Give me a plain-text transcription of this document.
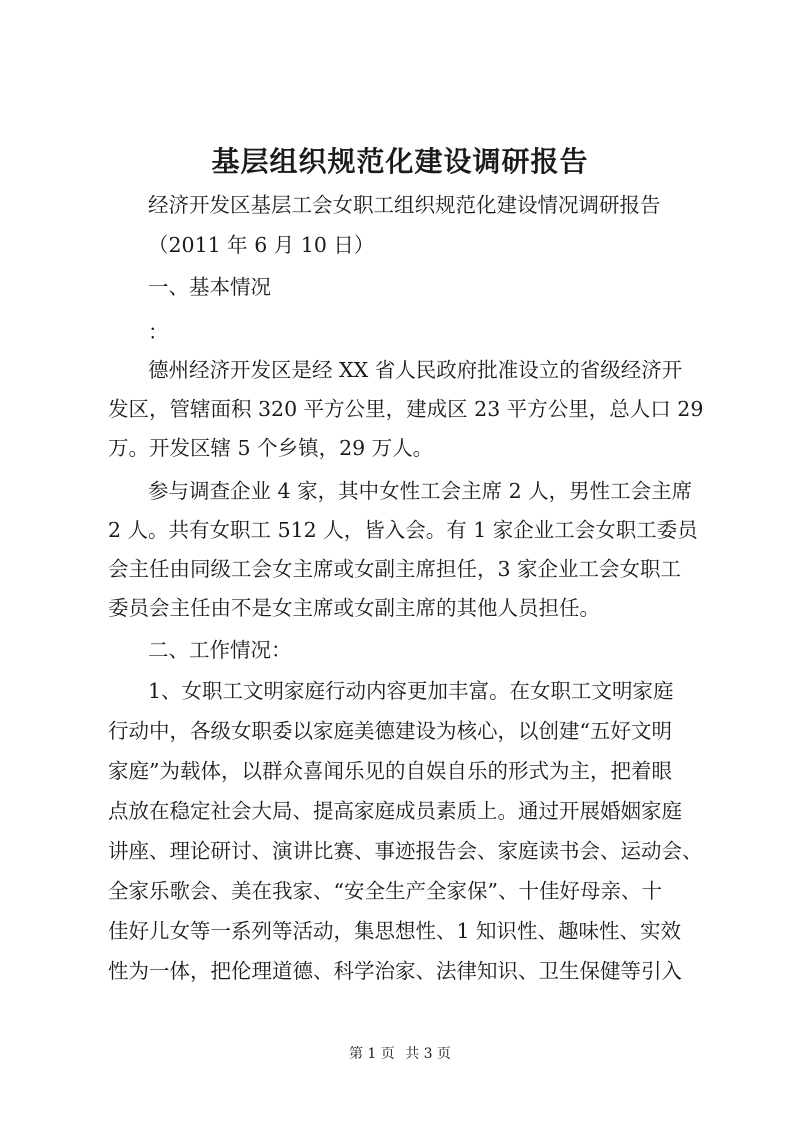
基层组织规范化建设调研报告
经济开发区基层工会女职工组织规范化建设情况调研报告
（2011 年 6 月 10 日）
一、基本情况
：
德州经济开发区是经 XX 省人民政府批准设立的省级经济开
发区，管辖面积 320 平方公里，建成区 23 平方公里，总人口 29
万。开发区辖 5 个乡镇，29 万人。
参与调查企业 4 家，其中女性工会主席 2 人，男性工会主席
2 人。共有女职工 512 人，皆入会。有 1 家企业工会女职工委员
会主任由同级工会女主席或女副主席担任，3 家企业工会女职工
委员会主任由不是女主席或女副主席的其他人员担任。
二、工作情况：
1、女职工文明家庭行动内容更加丰富。在女职工文明家庭
行动中，各级女职委以家庭美德建设为核心，以创建“五好文明
家庭”为载体，以群众喜闻乐见的自娱自乐的形式为主，把着眼
点放在稳定社会大局、提高家庭成员素质上。通过开展婚姻家庭
讲座、理论研讨、演讲比赛、事迹报告会、家庭读书会、运动会、
全家乐歌会、美在我家、“安全生产全家保”、十佳好母亲、十
佳好儿女等一系列等活动，集思想性、1 知识性、趣味性、实效
性为一体，把伦理道德、科学治家、法律知识、卫生保健等引入
第 1 页 共 3 页
